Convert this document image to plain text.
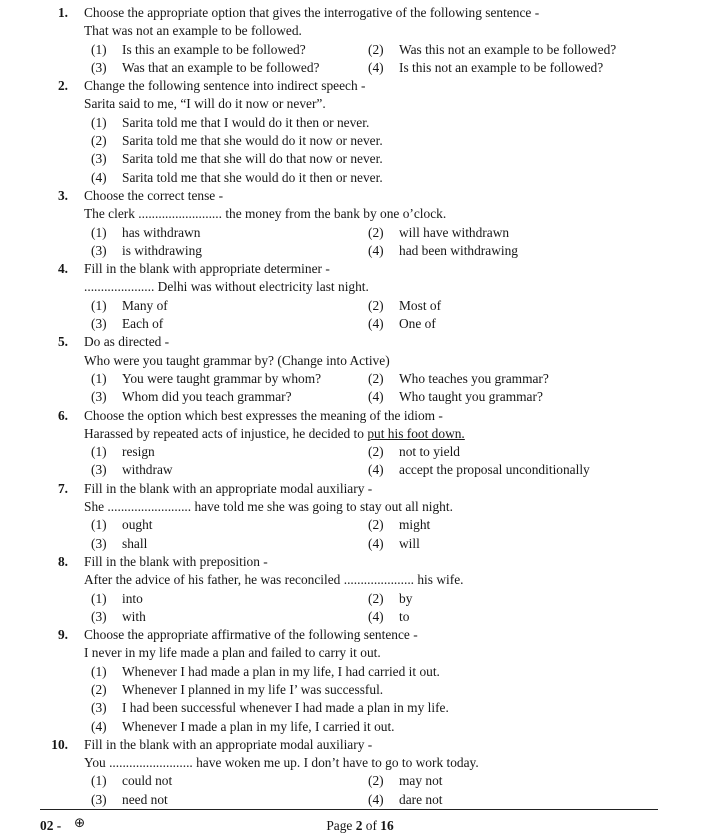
1. Choose the appropriate option that gives the interrogative of the following sentence -
That was not an example to be followed.
(1)	Is this an example to be followed?	(2)	Was this not an example to be followed?
(3)	Was that an example to be followed?	(4)	Is this not an example to be followed?
2. Change the following sentence into indirect speech -
Sarita said to me, “I will do it now or never”.
(1)	Sarita told me that I would do it then or never.
(2)	Sarita told me that she would do it now or never.
(3)	Sarita told me that she will do that now or never.
(4)	Sarita told me that she would do it then or never.
3. Choose the correct tense -
The clerk ......................... the money from the bank by one o’clock.
(1)	has withdrawn	(2)	will have withdrawn
(3)	is withdrawing	(4)	had been withdrawing
4. Fill in the blank with appropriate determiner -
..................... Delhi was without electricity last night.
(1)	Many of	(2)	Most of
(3)	Each of	(4)	One of
5. Do as directed -
Who were you taught grammar by? (Change into Active)
(1)	You were taught grammar by whom?	(2)	Who teaches you grammar?
(3)	Whom did you teach grammar?	(4)	Who taught you grammar?
6. Choose the option which best expresses the meaning of the idiom -
Harassed by repeated acts of injustice, he decided to put his foot down.
(1)	resign	(2)	not to yield
(3)	withdraw	(4)	accept the proposal unconditionally
7. Fill in the blank with an appropriate modal auxiliary -
She ......................... have told me she was going to stay out all night.
(1)	ought	(2)	might
(3)	shall	(4)	will
8. Fill in the blank with preposition -
After the advice of his father, he was reconciled ..................... his wife.
(1)	into	(2)	by
(3)	with	(4)	to
9. Choose the appropriate affirmative of the following sentence -
I never in my life made a plan and failed to carry it out.
(1)	Whenever I had made a plan in my life, I had carried it out.
(2)	Whenever I planned in my life I’ was successful.
(3)	I had been successful whenever I had made a plan in my life.
(4)	Whenever I made a plan in my life, I carried it out.
10. Fill in the blank with an appropriate modal auxiliary -
You ......................... have woken me up. I don’t have to go to work today.
(1)	could not	(2)	may not
(3)	need not	(4)	dare not
02 - ⊕	Page 2 of 16
